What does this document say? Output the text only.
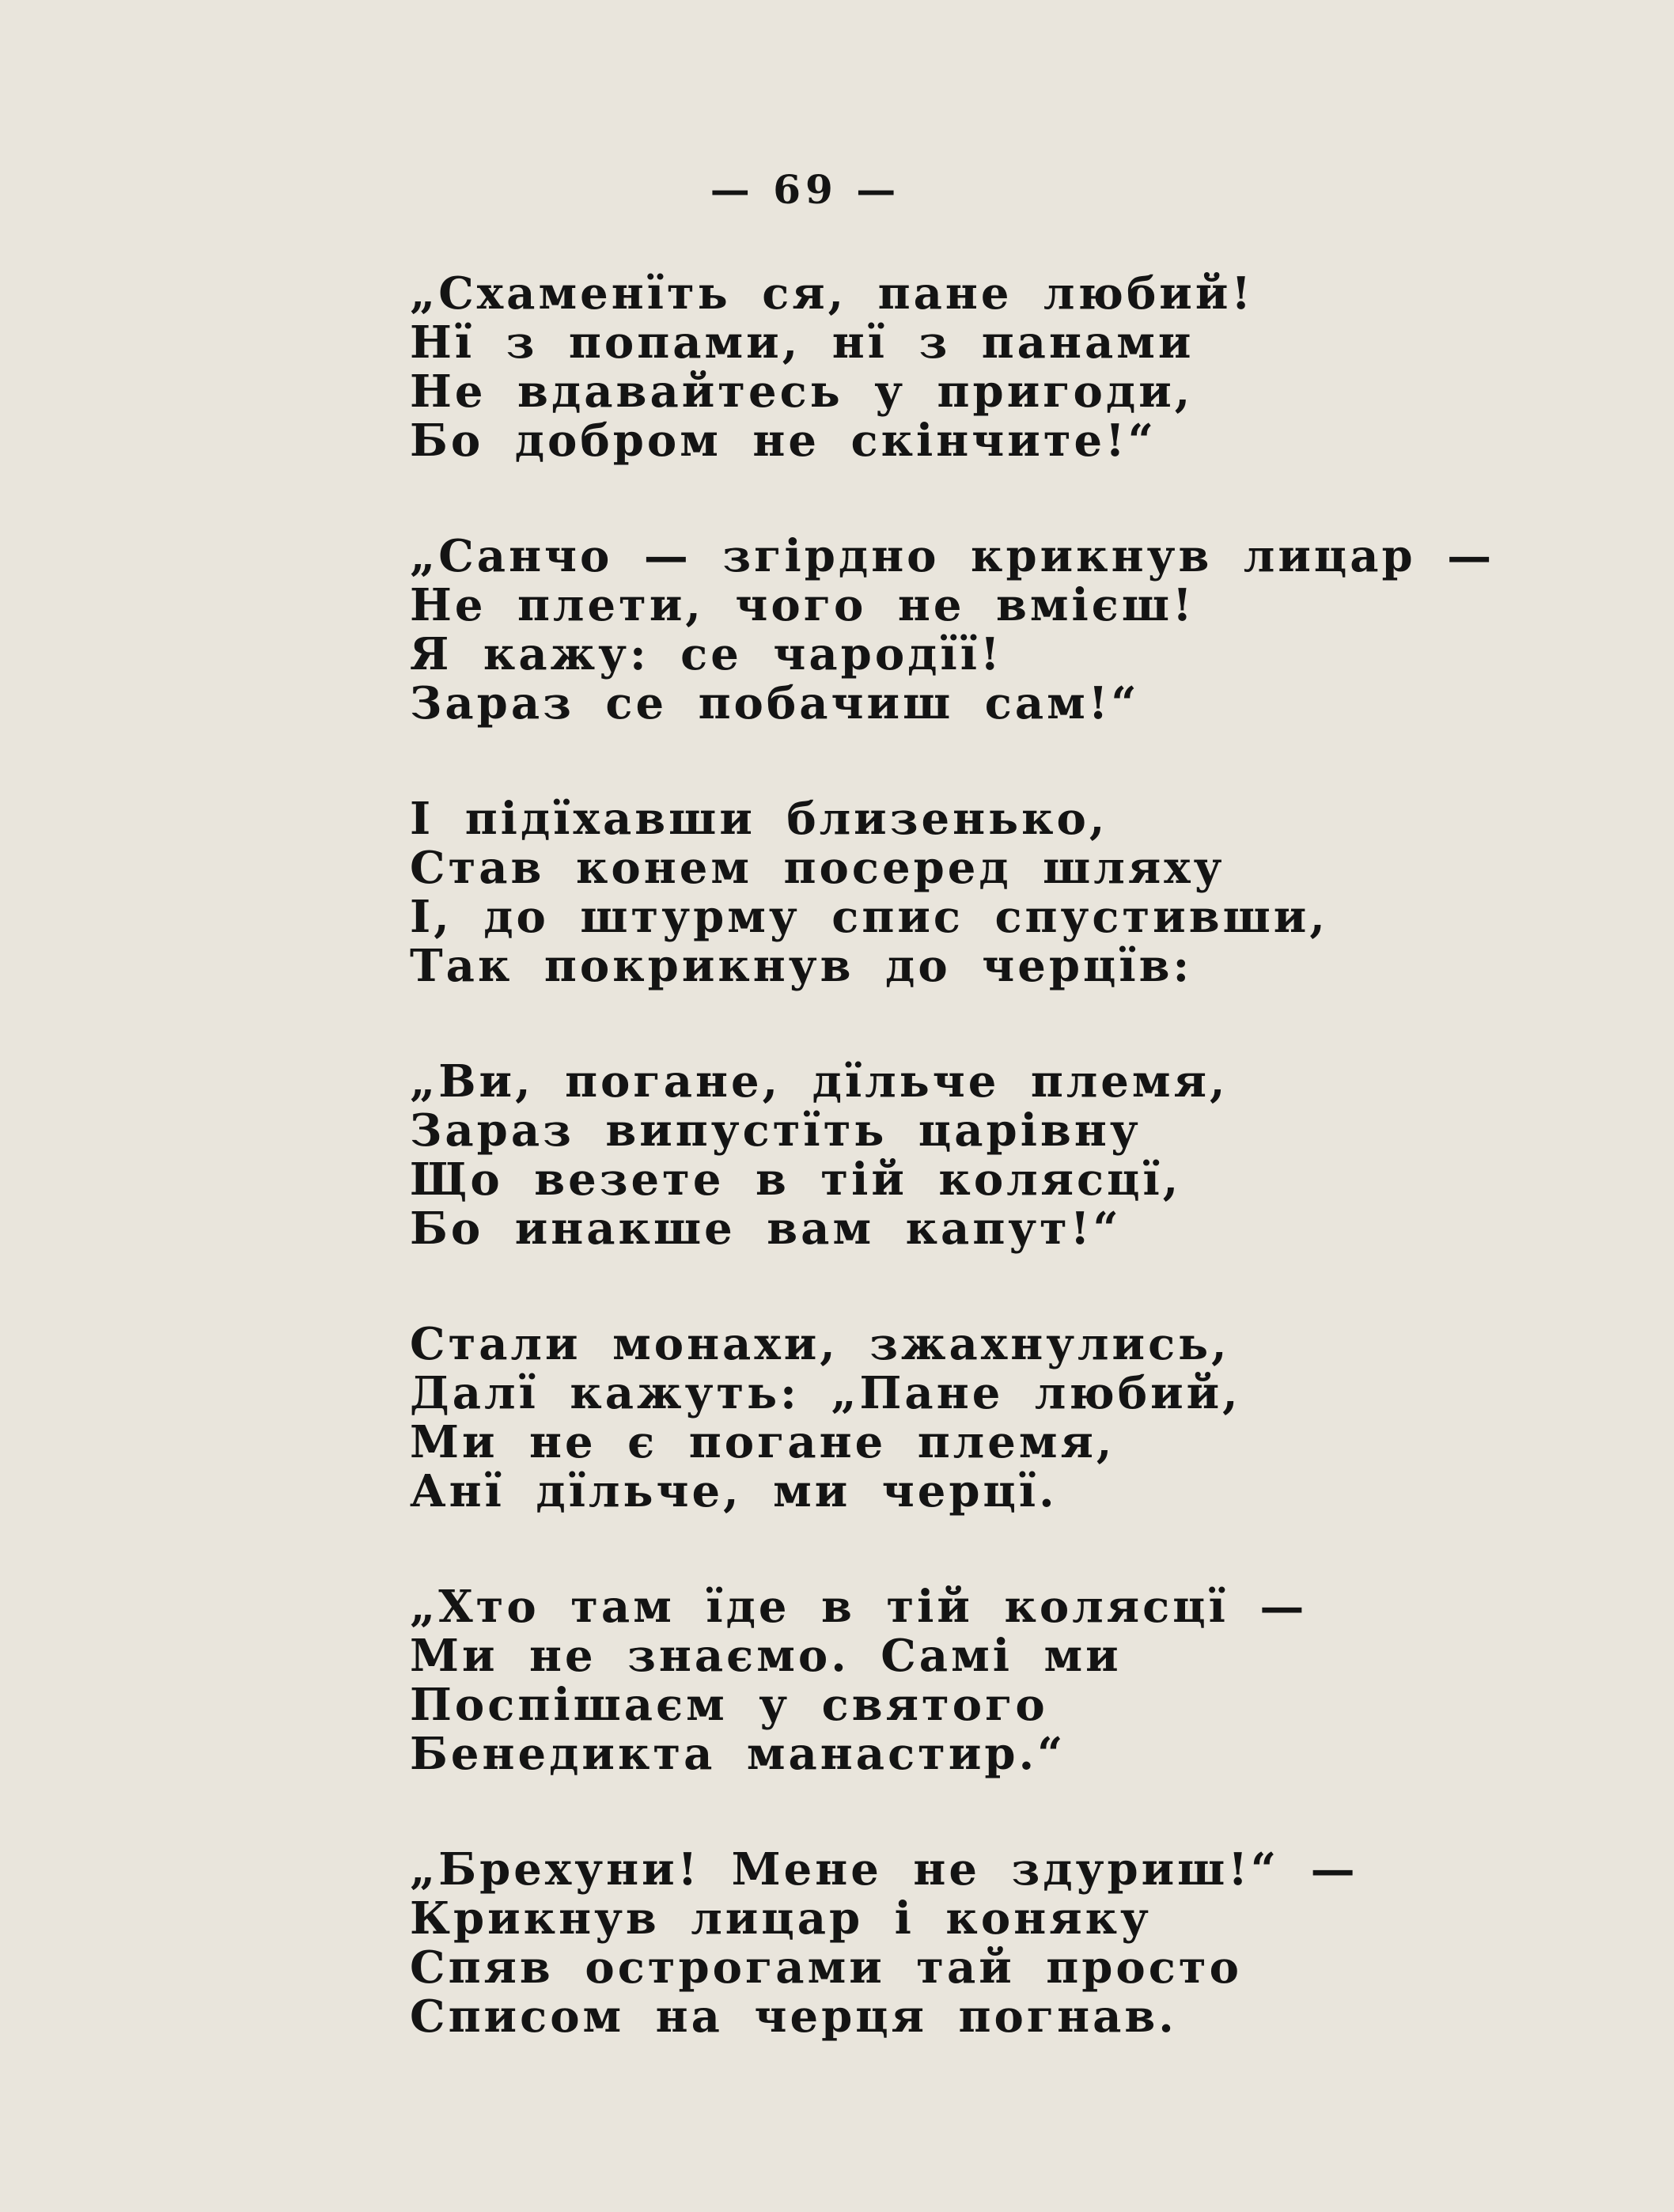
— 69 —
„Схаменїть ся, пане любий!
Нї з попами, нї з панами
Не вдавайтесь у пригоди,
Бо добром не скінчите!“
„Санчо — згірдно крикнув лицар —
Не плети, чого не вмієш!
Я кажу: се чародїї!
Зараз се побачиш сам!“
І підїхавши близенько,
Став конем посеред шляху
І, до штурму спис спустивши,
Так покрикнув до черцїв:
„Ви, погане, дїльче племя,
Зараз випустїть царівну
Що везете в тій колясцї,
Бо инакше вам капут!“
Стали монахи, зжахнулись,
Далї кажуть: „Пане любий,
Ми не є погане племя,
Анї дїльче, ми черцї.
„Хто там їде в тій колясцї —
Ми не знаємо. Самі ми
Поспішаєм у святого
Бенедикта манастир.“
„Брехуни! Мене не здуриш!“ —
Крикнув лицар і коняку
Спяв острогами тай просто
Списом на черця погнав.
